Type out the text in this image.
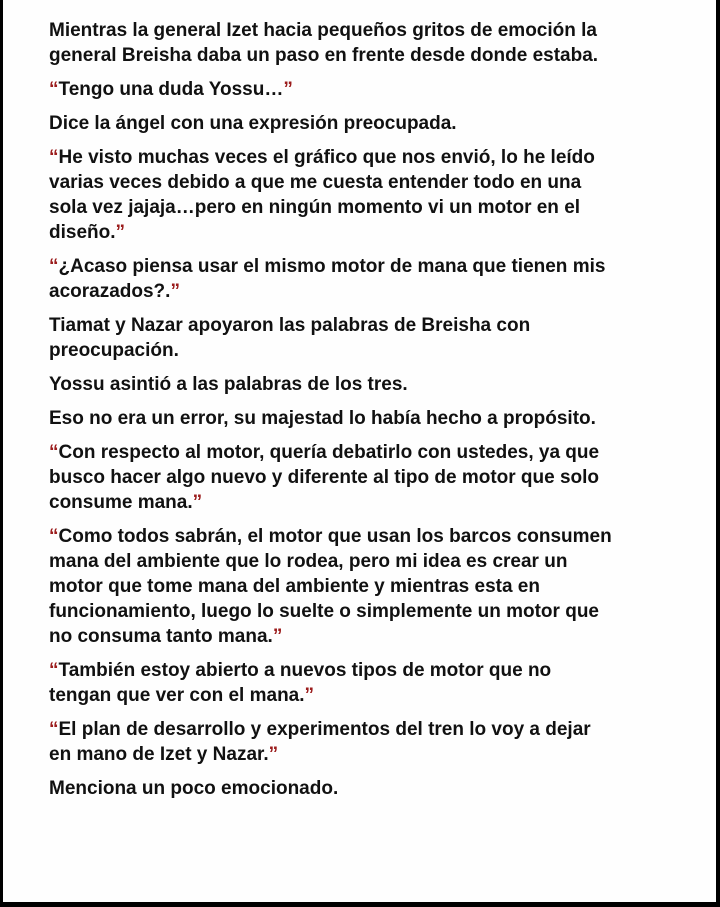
Mientras la general Izet hacia pequeños gritos de emoción la
general Breisha daba un paso en frente desde donde estaba.
“Tengo una duda Yossu…”
Dice la ángel con una expresión preocupada.
“He visto muchas veces el gráfico que nos envió, lo he leído
varias veces debido a que me cuesta entender todo en una
sola vez jajaja…pero en ningún momento vi un motor en el
diseño.”
“¿Acaso piensa usar el mismo motor de mana que tienen mis
acorazados?.”
Tiamat y Nazar apoyaron las palabras de Breisha con
preocupación.
Yossu asintió a las palabras de los tres.
Eso no era un error, su majestad lo había hecho a propósito.
“Con respecto al motor, quería debatirlo con ustedes, ya que
busco hacer algo nuevo y diferente al tipo de motor que solo
consume mana.”
“Como todos sabrán, el motor que usan los barcos consumen
mana del ambiente que lo rodea, pero mi idea es crear un
motor que tome mana del ambiente y mientras esta en
funcionamiento, luego lo suelte o simplemente un motor que
no consuma tanto mana.”
“También estoy abierto a nuevos tipos de motor que no
tengan que ver con el mana.”
“El plan de desarrollo y experimentos del tren lo voy a dejar
en mano de Izet y Nazar.”
Menciona un poco emocionado.
